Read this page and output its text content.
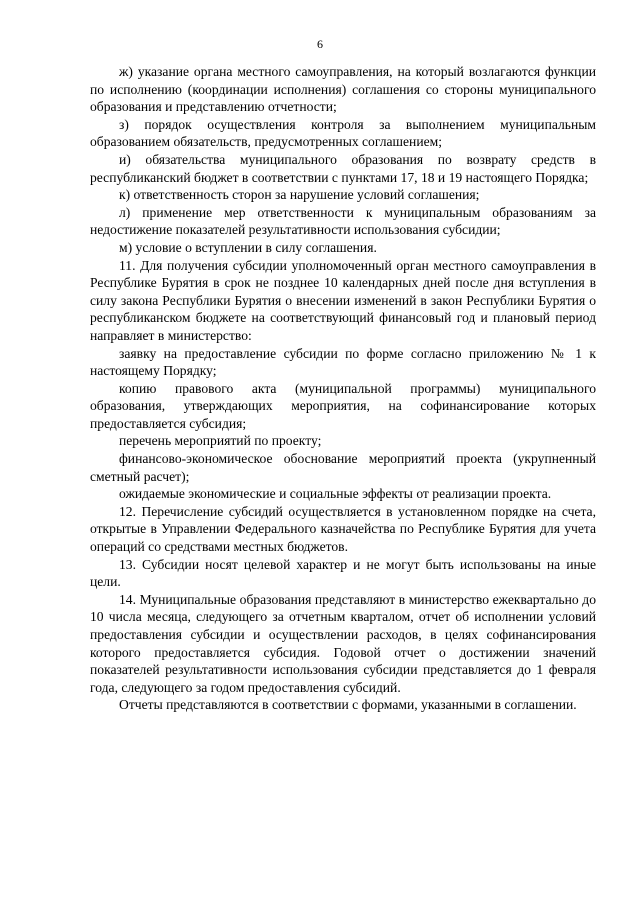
6

ж) указание органа местного самоуправления, на который возлагаются функции по исполнению (координации исполнения) соглашения со стороны муниципального образования и представлению отчетности;

з) порядок осуществления контроля за выполнением муниципальным образованием обязательств, предусмотренных соглашением;

и) обязательства муниципального образования по возврату средств в республиканский бюджет в соответствии с пунктами 17, 18 и 19 настоящего Порядка;

к) ответственность сторон за нарушение условий соглашения;

л) применение мер ответственности к муниципальным образованиям за недостижение показателей результативности использования субсидии;

м) условие о вступлении в силу соглашения.

11. Для получения субсидии уполномоченный орган местного самоуправления в Республике Бурятия в срок не позднее 10 календарных дней после дня вступления в силу закона Республики Бурятия о внесении изменений в закон Республики Бурятия о республиканском бюджете на соответствующий финансовый год и плановый период направляет в министерство:

заявку на предоставление субсидии по форме согласно приложению № 1 к настоящему Порядку;

копию правового акта (муниципальной программы) муниципального образования, утверждающих мероприятия, на софинансирование которых предоставляется субсидия;

перечень мероприятий по проекту;

финансово-экономическое обоснование мероприятий проекта (укрупненный сметный расчет);

ожидаемые экономические и социальные эффекты от реализации проекта.

12. Перечисление субсидий осуществляется в установленном порядке на счета, открытые в Управлении Федерального казначейства по Республике Бурятия для учета операций со средствами местных бюджетов.

13. Субсидии носят целевой характер и не могут быть использованы на иные цели.

14. Муниципальные образования представляют в министерство ежеквартально до 10 числа месяца, следующего за отчетным кварталом, отчет об исполнении условий предоставления субсидии и осуществлении расходов, в целях софинансирования которого предоставляется субсидия. Годовой отчет о достижении значений показателей результативности использования субсидии представляется до 1 февраля года, следующего за годом предоставления субсидий.

Отчеты представляются в соответствии с формами, указанными в соглашении.
